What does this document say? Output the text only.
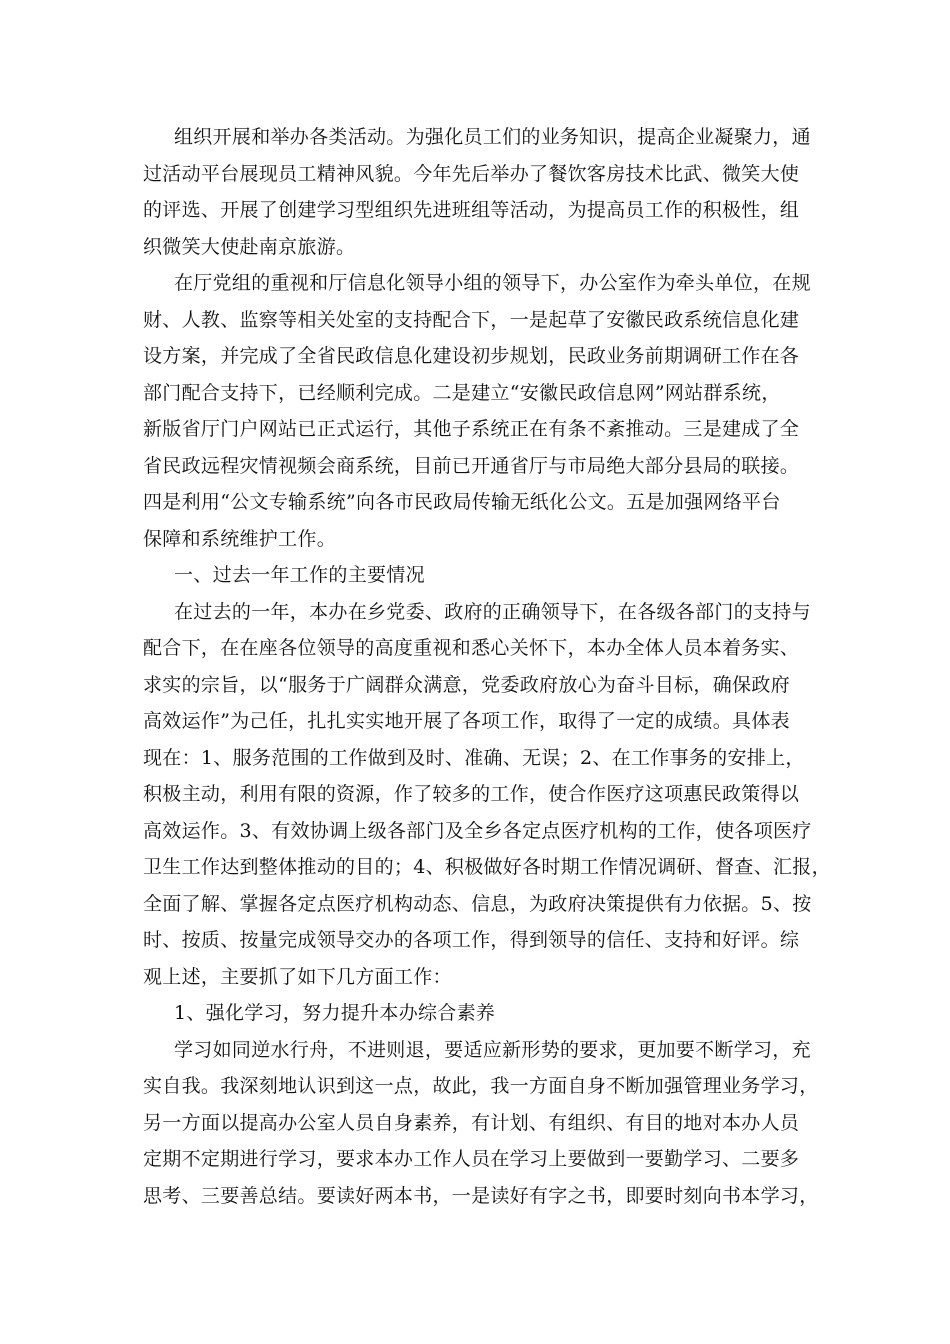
组织开展和举办各类活动。为强化员工们的业务知识，提高企业凝聚力，通
过活动平台展现员工精神风貌。今年先后举办了餐饮客房技术比武、微笑大使
的评选、开展了创建学习型组织先进班组等活动，为提高员工作的积极性，组
织微笑大使赴南京旅游。
在厅党组的重视和厅信息化领导小组的领导下，办公室作为牵头单位，在规
财、人教、监察等相关处室的支持配合下，一是起草了安徽民政系统信息化建
设方案，并完成了全省民政信息化建设初步规划，民政业务前期调研工作在各
部门配合支持下，已经顺利完成。二是建立“安徽民政信息网”网站群系统，
新版省厅门户网站已正式运行，其他子系统正在有条不紊推动。三是建成了全
省民政远程灾情视频会商系统，目前已开通省厅与市局绝大部分县局的联接。
四是利用“公文专输系统”向各市民政局传输无纸化公文。五是加强网络平台
保障和系统维护工作。
一、过去一年工作的主要情况
在过去的一年，本办在乡党委、政府的正确领导下，在各级各部门的支持与
配合下，在在座各位领导的高度重视和悉心关怀下，本办全体人员本着务实、
求实的宗旨，以“服务于广阔群众满意，党委政府放心为奋斗目标，确保政府
高效运作”为己任，扎扎实实地开展了各项工作，取得了一定的成绩。具体表
现在：1、服务范围的工作做到及时、准确、无误；2、在工作事务的安排上，
积极主动，利用有限的资源，作了较多的工作，使合作医疗这项惠民政策得以
高效运作。3、有效协调上级各部门及全乡各定点医疗机构的工作，使各项医疗
卫生工作达到整体推动的目的；4、积极做好各时期工作情况调研、督查、汇报，
全面了解、掌握各定点医疗机构动态、信息，为政府决策提供有力依据。5、按
时、按质、按量完成领导交办的各项工作，得到领导的信任、支持和好评。综
观上述，主要抓了如下几方面工作：
1、强化学习，努力提升本办综合素养
学习如同逆水行舟，不进则退，要适应新形势的要求，更加要不断学习，充
实自我。我深刻地认识到这一点，故此，我一方面自身不断加强管理业务学习，
另一方面以提高办公室人员自身素养，有计划、有组织、有目的地对本办人员
定期不定期进行学习，要求本办工作人员在学习上要做到一要勤学习、二要多
思考、三要善总结。要读好两本书，一是读好有字之书，即要时刻向书本学习，
